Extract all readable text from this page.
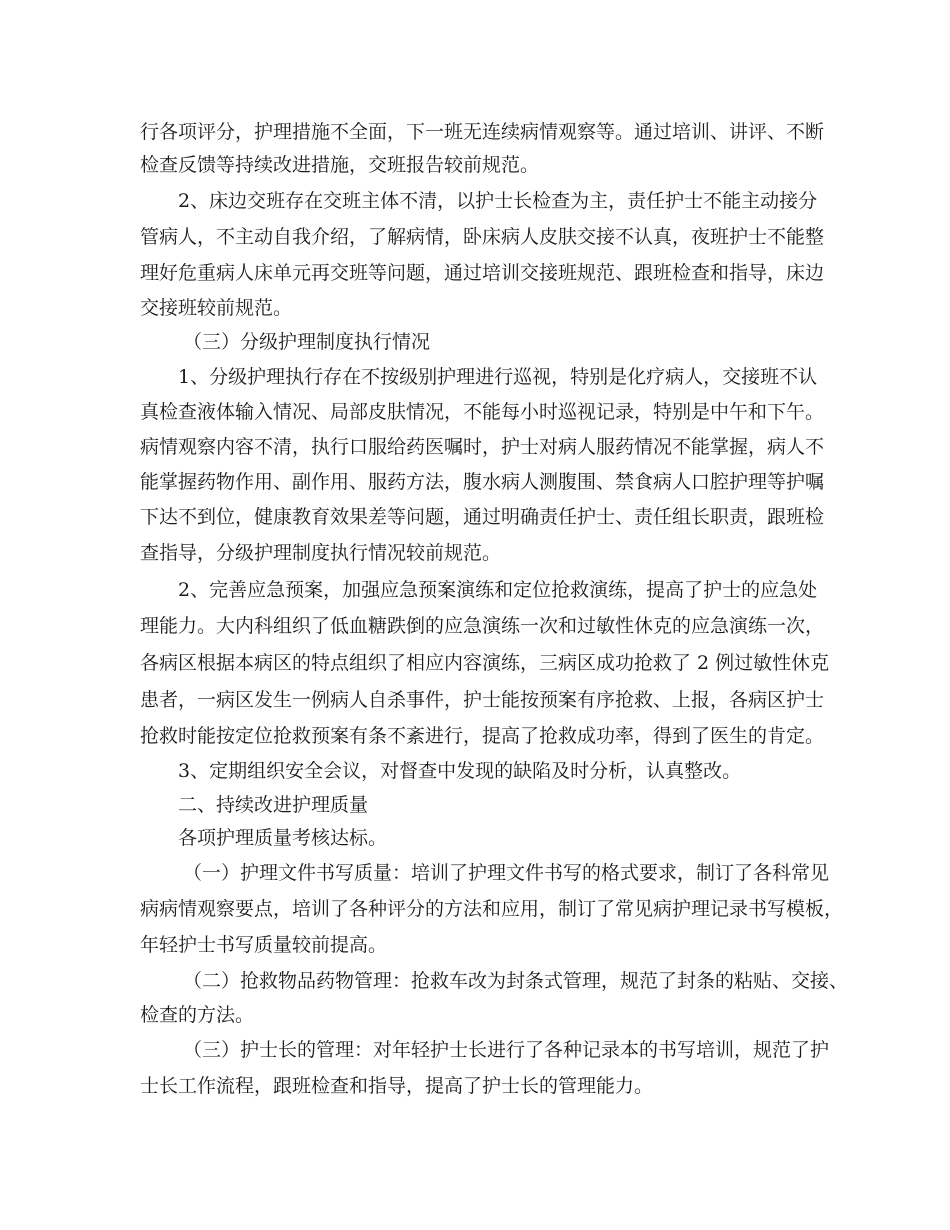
行各项评分，护理措施不全面，下一班无连续病情观察等。通过培训、讲评、不断
检查反馈等持续改进措施，交班报告较前规范。
2、床边交班存在交班主体不清，以护士长检查为主，责任护士不能主动接分
管病人，不主动自我介绍，了解病情，卧床病人皮肤交接不认真，夜班护士不能整
理好危重病人床单元再交班等问题，通过培训交接班规范、跟班检查和指导，床边
交接班较前规范。
（三）分级护理制度执行情况
1、分级护理执行存在不按级别护理进行巡视，特别是化疗病人，交接班不认
真检查液体输入情况、局部皮肤情况，不能每小时巡视记录，特别是中午和下午。
病情观察内容不清，执行口服给药医嘱时，护士对病人服药情况不能掌握，病人不
能掌握药物作用、副作用、服药方法，腹水病人测腹围、禁食病人口腔护理等护嘱
下达不到位，健康教育效果差等问题，通过明确责任护士、责任组长职责，跟班检
查指导，分级护理制度执行情况较前规范。
2、完善应急预案，加强应急预案演练和定位抢救演练，提高了护士的应急处
理能力。大内科组织了低血糖跌倒的应急演练一次和过敏性休克的应急演练一次，
各病区根据本病区的特点组织了相应内容演练，三病区成功抢救了 2 例过敏性休克
患者，一病区发生一例病人自杀事件，护士能按预案有序抢救、上报，各病区护士
抢救时能按定位抢救预案有条不紊进行，提高了抢救成功率，得到了医生的肯定。
3、定期组织安全会议，对督查中发现的缺陷及时分析，认真整改。
二、持续改进护理质量
各项护理质量考核达标。
（一）护理文件书写质量：培训了护理文件书写的格式要求，制订了各科常见
病病情观察要点，培训了各种评分的方法和应用，制订了常见病护理记录书写模板，
年轻护士书写质量较前提高。
（二）抢救物品药物管理：抢救车改为封条式管理，规范了封条的粘贴、交接、
检查的方法。
（三）护士长的管理：对年轻护士长进行了各种记录本的书写培训，规范了护
士长工作流程，跟班检查和指导，提高了护士长的管理能力。
